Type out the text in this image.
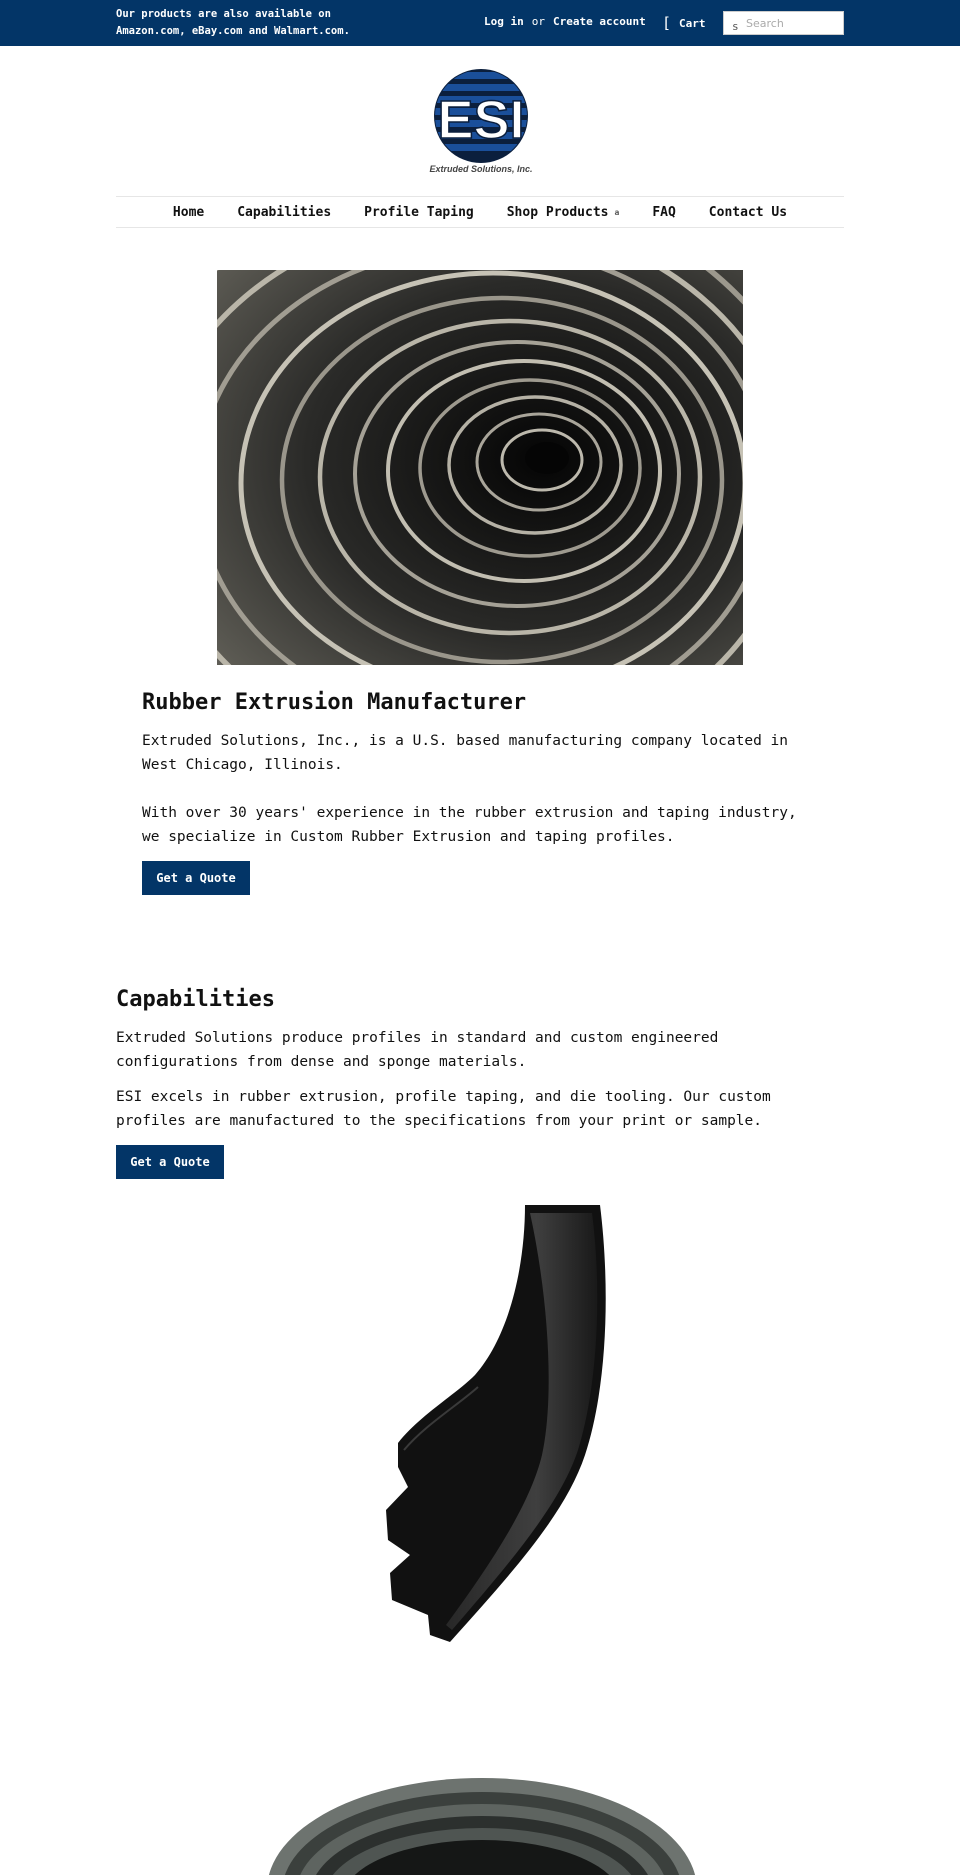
Our products are also available on Amazon.com, eBay.com and Walmart.com.
Log in or Create account [ Cart s
Search
ESI
Extruded Solutions, Inc.
Home	Capabilities	Profile Taping	Shop Products a	FAQ	Contact Us
Rubber Extrusion Manufacturer

Extruded Solutions, Inc., is a U.S. based manufacturing company located in West Chicago, Illinois.

With over 30 years' experience in the rubber extrusion and taping industry, we specialize in Custom Rubber Extrusion and taping profiles.

Get a Quote
Capabilities

Extruded Solutions produce profiles in standard and custom engineered configurations from dense and sponge materials.

ESI excels in rubber extrusion, profile taping, and die tooling. Our custom profiles are manufactured to the specifications from your print or sample.

Get a Quote
